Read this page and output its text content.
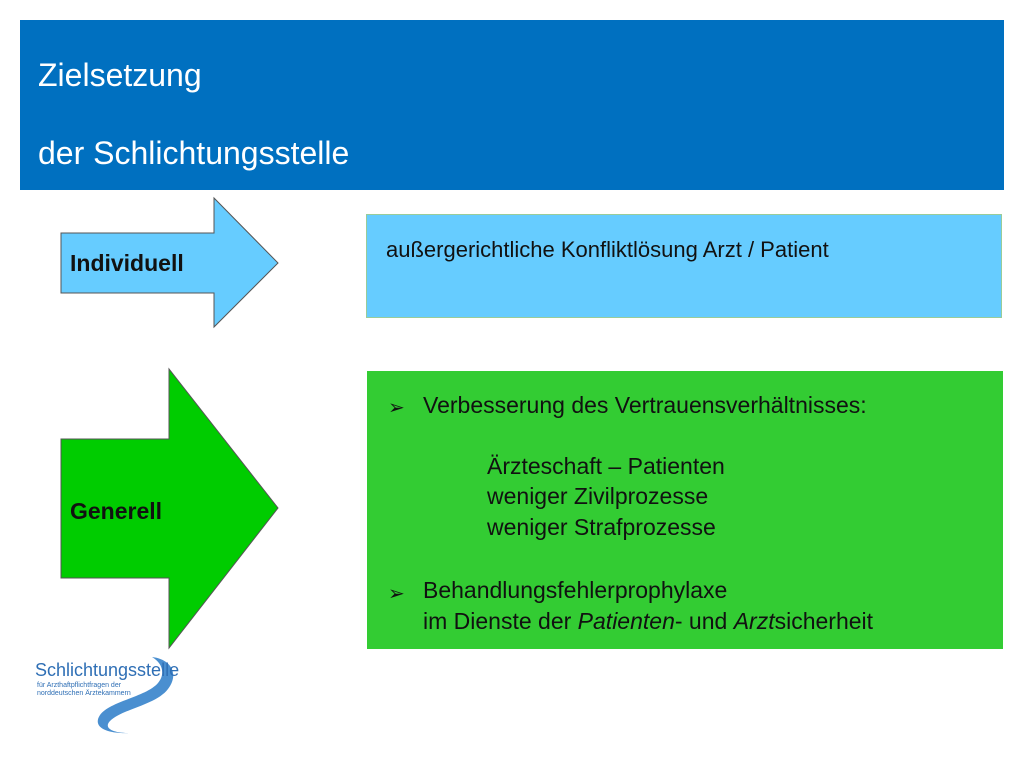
Zielsetzung
der Schlichtungsstelle
Individuell
Generell
außergerichtliche Konfliktlösung Arzt / Patient
➢ Verbesserung des Vertrauensverhältnisses:
Ärzteschaft – Patienten
weniger Zivilprozesse
weniger Strafprozesse
➢ Behandlungsfehlerprophylaxe
im Dienste der Patienten- und Arztsicherheit
Schlichtungsstelle
für Arzthaftpflichtfragen der
norddeutschen Ärztekammern
